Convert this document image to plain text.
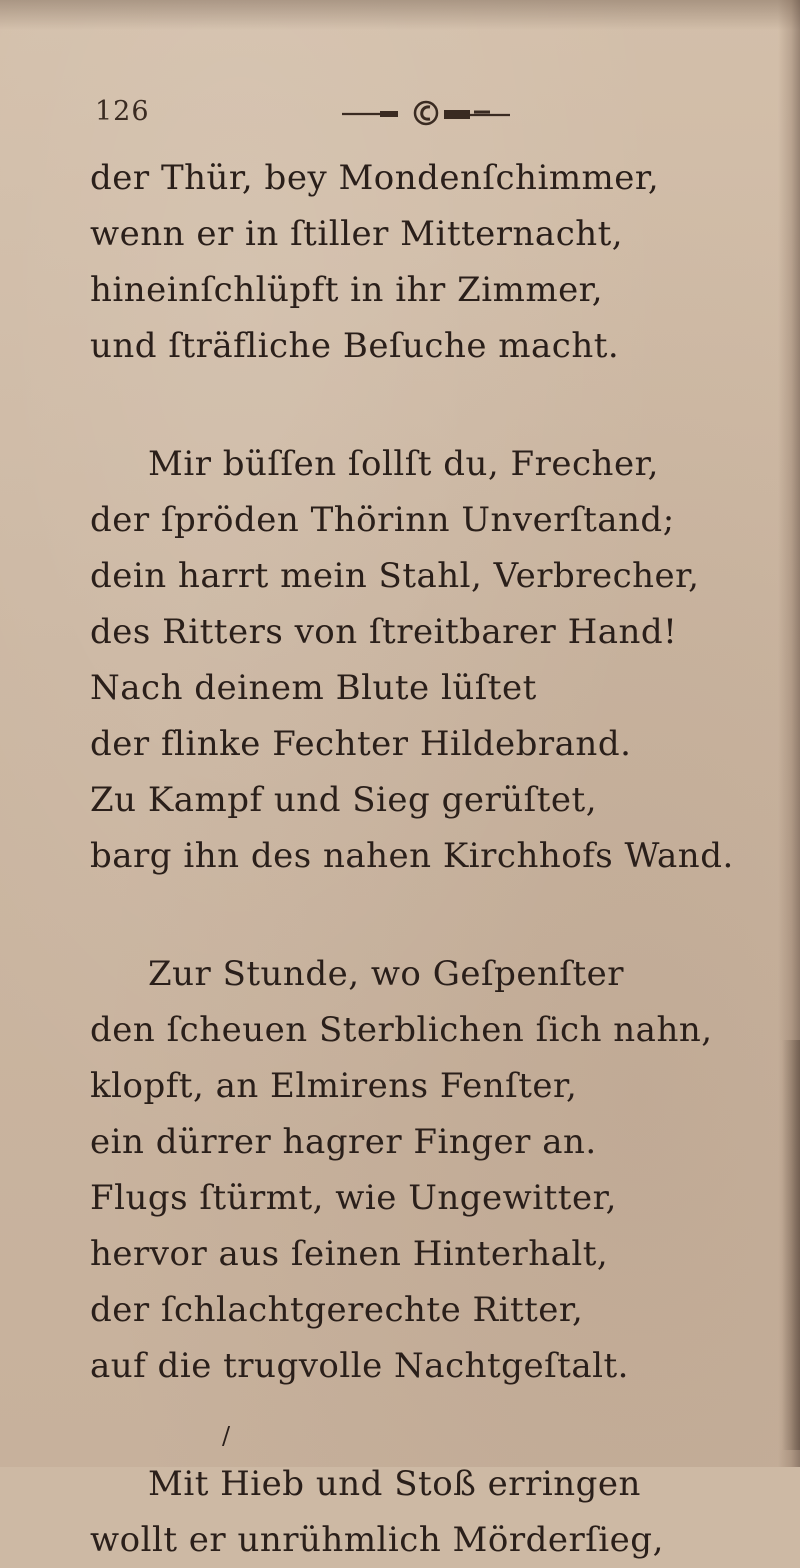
126
der Thür, bey Mondenſchimmer,
wenn er in ſtiller Mitternacht,
hineinſchlüpft in ihr Zimmer,
und ſträfliche Beſuche macht.
Mir büſſen ſollſt du, Frecher,
der ſpröden Thörinn Unverſtand;
dein harrt mein Stahl, Verbrecher,
des Ritters von ſtreitbarer Hand!
Nach deinem Blute lüſtet
der flinke Fechter Hildebrand.
Zu Kampf und Sieg gerüſtet,
barg ihn des nahen Kirchhofs Wand.
Zur Stunde, wo Geſpenſter
den ſcheuen Sterblichen ſich nahn,
klopft, an Elmirens Fenſter,
ein dürrer hagrer Finger an.
Flugs ſtürmt, wie Ungewitter,
hervor aus ſeinen Hinterhalt,
der ſchlachtgerechte Ritter,
auf die trugvolle Nachtgeſtalt.
Mit Hieb und Stoß erringen
wollt er unrühmlich Mörderſieg,
/
